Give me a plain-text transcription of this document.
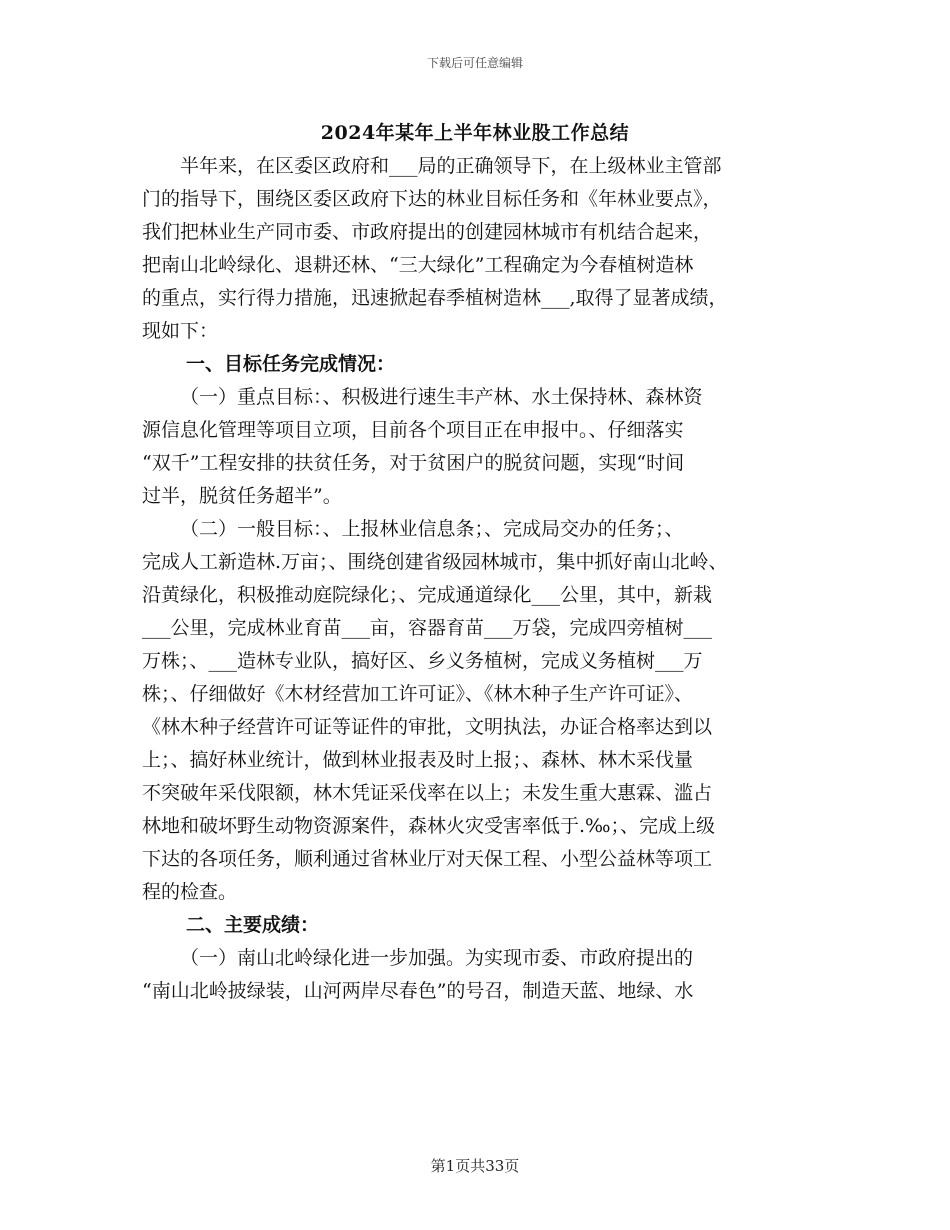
下载后可任意编辑
2024年某年上半年林业股工作总结
半年来，在区委区政府和___局的正确领导下，在上级林业主管部
门的指导下，围绕区委区政府下达的林业目标任务和《年林业要点》，
我们把林业生产同市委、市政府提出的创建园林城市有机结合起来，
把南山北岭绿化、退耕还林、“三大绿化”工程确定为今春植树造林
的重点，实行得力措施，迅速掀起春季植树造林___,取得了显著成绩，
现如下：
一、目标任务完成情况：
（一）重点目标：、积极进行速生丰产林、水土保持林、森林资
源信息化管理等项目立项，目前各个项目正在申报中。、仔细落实
“双千”工程安排的扶贫任务，对于贫困户的脱贫问题，实现“时间
过半，脱贫任务超半”。
（二）一般目标：、上报林业信息条；、完成局交办的任务；、
完成人工新造林.万亩；、围绕创建省级园林城市，集中抓好南山北岭、
沿黄绿化，积极推动庭院绿化；、完成通道绿化___公里，其中，新栽
___公里，完成林业育苗___亩，容器育苗___万袋，完成四旁植树___
万株；、___造林专业队，搞好区、乡义务植树，完成义务植树___万
株；、仔细做好《木材经营加工许可证》、《林木种子生产许可证》、
《林木种子经营许可证等证件的审批，文明执法，办证合格率达到以
上；、搞好林业统计，做到林业报表及时上报；、森林、林木采伐量
不突破年采伐限额，林木凭证采伐率在以上；未发生重大惠霖、滥占
林地和破坏野生动物资源案件，森林火灾受害率低于.‰；、完成上级
下达的各项任务，顺利通过省林业厅对天保工程、小型公益林等项工
程的检查。
二、主要成绩：
（一）南山北岭绿化进一步加强。为实现市委、市政府提出的
“南山北岭披绿装，山河两岸尽春色”的号召，制造天蓝、地绿、水
第1页共33页
